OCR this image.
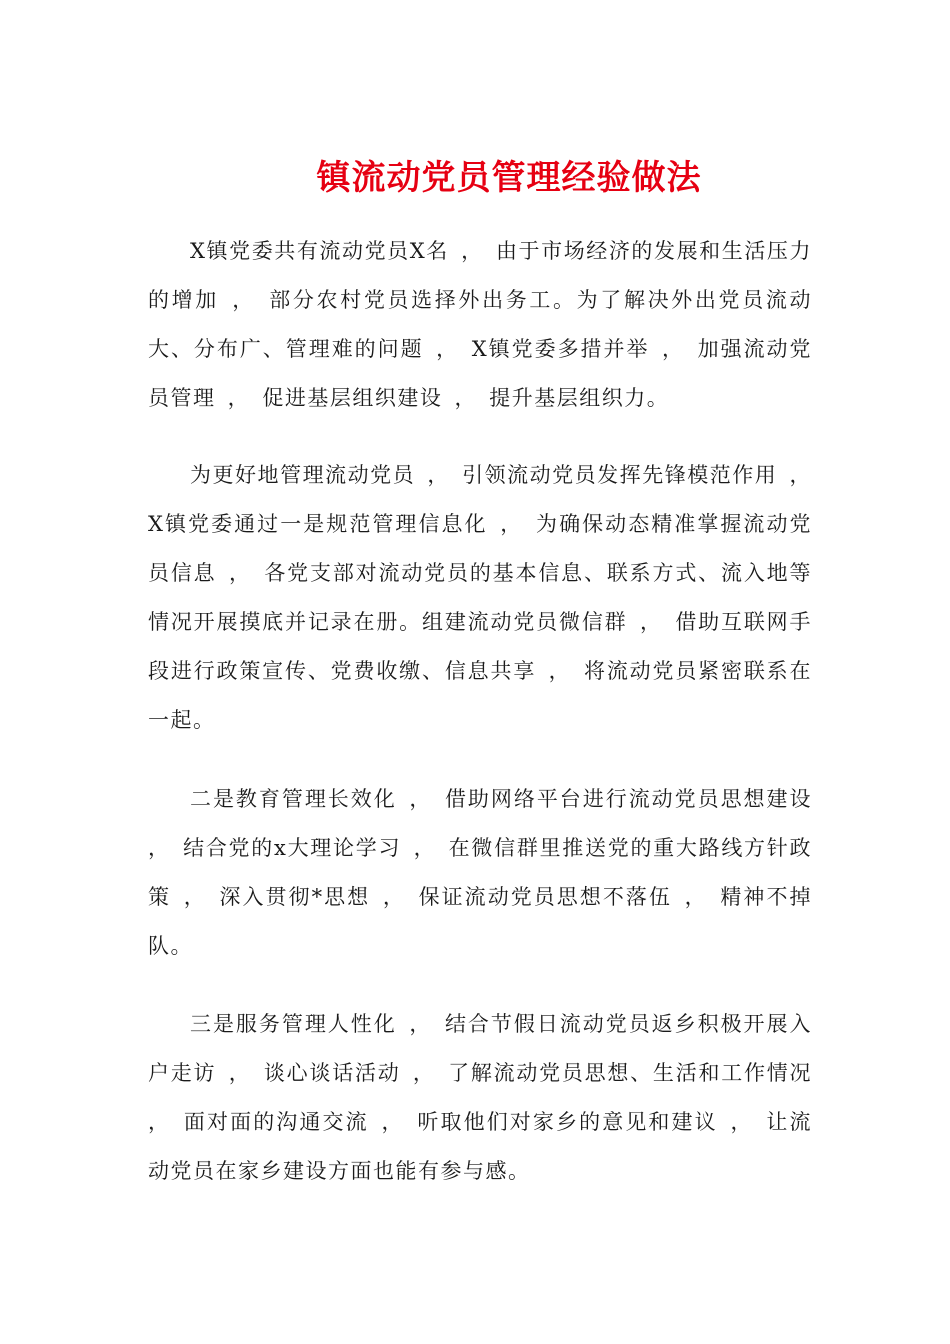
镇流动党员管理经验做法

X镇党委共有流动党员X名 ， 由于市场经济的发展和生活压力的增加 ， 部分农村党员选择外出务工。为了解决外出党员流动大、分布广、管理难的问题 ， X镇党委多措并举 ， 加强流动党员管理 ， 促进基层组织建设 ， 提升基层组织力。

为更好地管理流动党员 ， 引领流动党员发挥先锋模范作用 ， X镇党委通过一是规范管理信息化 ， 为确保动态精准掌握流动党员信息 ， 各党支部对流动党员的基本信息、联系方式、流入地等情况开展摸底并记录在册。组建流动党员微信群 ， 借助互联网手段进行政策宣传、党费收缴、信息共享 ， 将流动党员紧密联系在一起。

二是教育管理长效化 ， 借助网络平台进行流动党员思想建设 ， 结合党的x大理论学习 ， 在微信群里推送党的重大路线方针政策 ， 深入贯彻*思想 ， 保证流动党员思想不落伍 ， 精神不掉队。

三是服务管理人性化 ， 结合节假日流动党员返乡积极开展入户走访 ， 谈心谈话活动 ， 了解流动党员思想、生活和工作情况 ， 面对面的沟通交流 ， 听取他们对家乡的意见和建议 ， 让流动党员在家乡建设方面也能有参与感。
